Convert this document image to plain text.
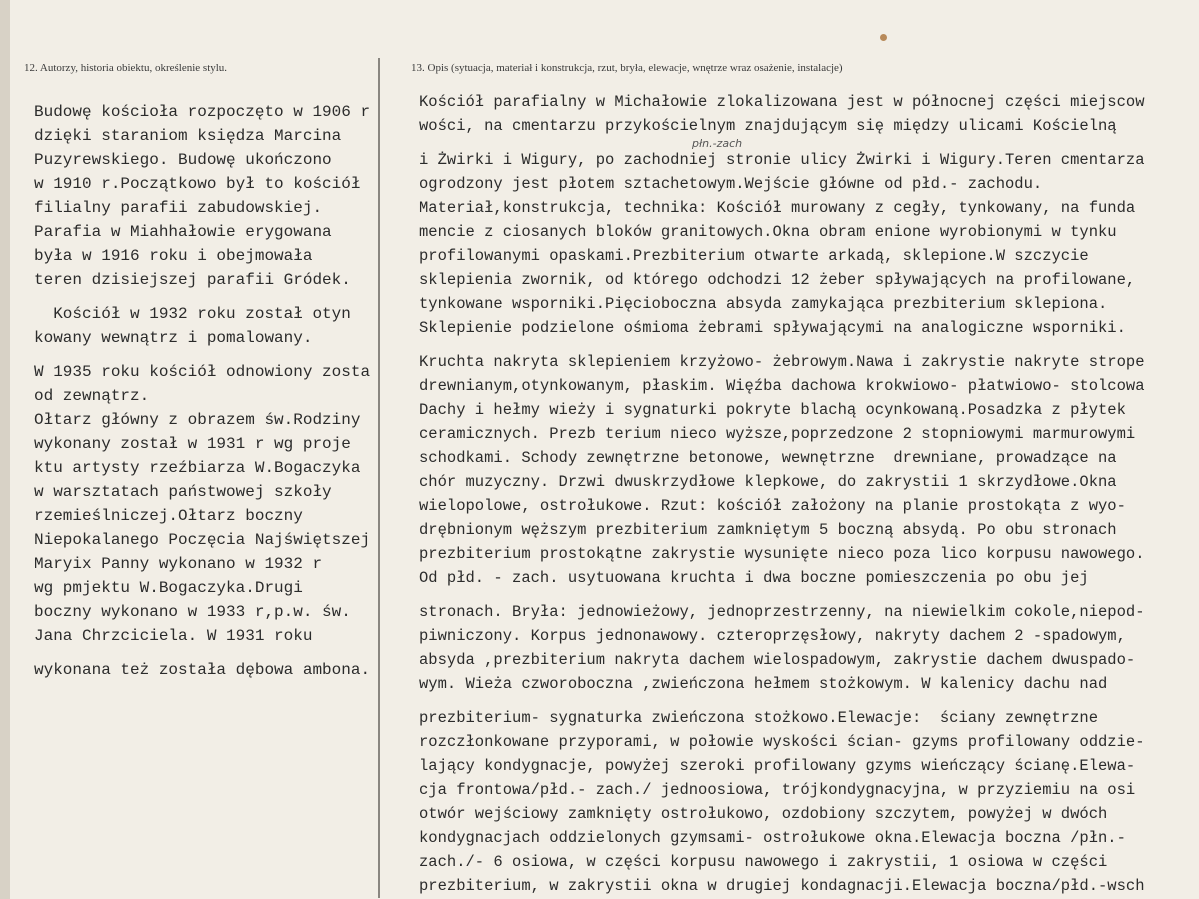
12. Autorzy, historia obiektu, określenie stylu.	13. Opis (sytuacja, materiał i konstrukcja, rzut, bryła, elewacje, wnętrze wraz osażenie, instalacje)
płn.-zach
Budowę kościoła rozpoczęto w 1906 r
dzięki staraniom księdza Marcina
Puzyrewskiego. Budowę ukończono
w 1910 r.Początkowo był to kościół
filialny parafii zabudowskiej.
Parafia w Miahhałowie erygowana
była w 1916 roku i obejmowała
teren dzisiejszej parafii Gródek.
Kościół w 1932 roku został otyn
kowany wewnątrz i pomalowany.
W 1935 roku kościół odnowiony zosta
od zewnątrz.
Ołtarz główny z obrazem św.Rodziny
wykonany został w 1931 r wg proje
ktu artysty rzeźbiarza W.Bogaczyka
w warsztatach państwowej szkoły
rzemieślniczej.Ołtarz boczny
Niepokalanego Poczęcia Najświętszej
Maryix Panny wykonano w 1932 r
wg pmjektu W.Bogaczyka.Drugi
boczny wykonano w 1933 r,p.w. św.
Jana Chrzciciela. W 1931 roku
wykonana też została dębowa ambona.
Kościół parafialny w Michałowie zlokalizowana jest w północnej części miejscow
wości, na cmentarzu przykościelnym znajdującym się między ulicami Kościelną
i Żwirki i Wigury, po zachodniej stronie ulicy Żwirki i Wigury.Teren cmentarza
ogrodzony jest płotem sztachetowym.Wejście główne od płd.- zachodu.
Materiał,konstrukcja, technika: Kościół murowany z cegły, tynkowany, na funda
mencie z ciosanych bloków granitowych.Okna obram enione wyrobionymi w tynku
profilowanymi opaskami.Prezbiterium otwarte arkadą, sklepione.W szczycie
sklepienia zwornik, od którego odchodzi 12 żeber spływających na profilowane,
tynkowane wsporniki.Pięcioboczna absyda zamykająca prezbiterium sklepiona.
Sklepienie podzielone ośmioma żebrami spływającymi na analogiczne wsporniki.
Kruchta nakryta sklepieniem krzyżowo- żebrowym.Nawa i zakrystie nakryte strope
drewnianym,otynkowanym, płaskim. Więźba dachowa krokwiowo- płatwiowo- stolcowa
Dachy i hełmy wieży i sygnaturki pokryte blachą ocynkowaną.Posadzka z płytek
ceramicznych. Prezb terium nieco wyższe,poprzedzone 2 stopniowymi marmurowymi
schodkami. Schody zewnętrzne betonowe, wewnętrzne  drewniane, prowadzące na
chór muzyczny. Drzwi dwuskrzydłowe klepkowe, do zakrystii 1 skrzydłowe.Okna
wielopolowe, ostrołukowe. Rzut: kościół założony na planie prostokąta z wyo-
drębnionym węższym prezbiterium zamkniętym 5 boczną absydą. Po obu stronach
prezbiterium prostokątne zakrystie wysunięte nieco poza lico korpusu nawowego.
Od płd. - zach. usytuowana kruchta i dwa boczne pomieszczenia po obu jej
stronach. Bryła: jednowieżowy, jednoprzestrzenny, na niewielkim cokole,niepod-
piwniczony. Korpus jednonawowy. czteroprzęsłowy, nakryty dachem 2 -spadowym,
absyda ,prezbiterium nakryta dachem wielospadowym, zakrystie dachem dwuspado-
wym. Wieża czworoboczna ,zwieńczona hełmem stożkowym. W kalenicy dachu nad
prezbiterium- sygnaturka zwieńczona stożkowo.Elewacje:  ściany zewnętrzne
rozczłonkowane przyporami, w połowie wyskości ścian- gzyms profilowany oddzie-
lający kondygnacje, powyżej szeroki profilowany gzyms wieńczący ścianę.Elewa-
cja frontowa/płd.- zach./ jednoosiowa, trójkondygnacyjna, w przyziemiu na osi
otwór wejściowy zamknięty ostrołukowo, ozdobiony szczytem, powyżej w dwóch
kondygnacjach oddzielonych gzymsami- ostrołukowe okna.Elewacja boczna /płn.-
zach./- 6 osiowa, w części korpusu nawowego i zakrystii, 1 osiowa w części
prezbiterium, w zakrystii okna w drugiej kondagnacji.Elewacja boczna/płd.-wsch
